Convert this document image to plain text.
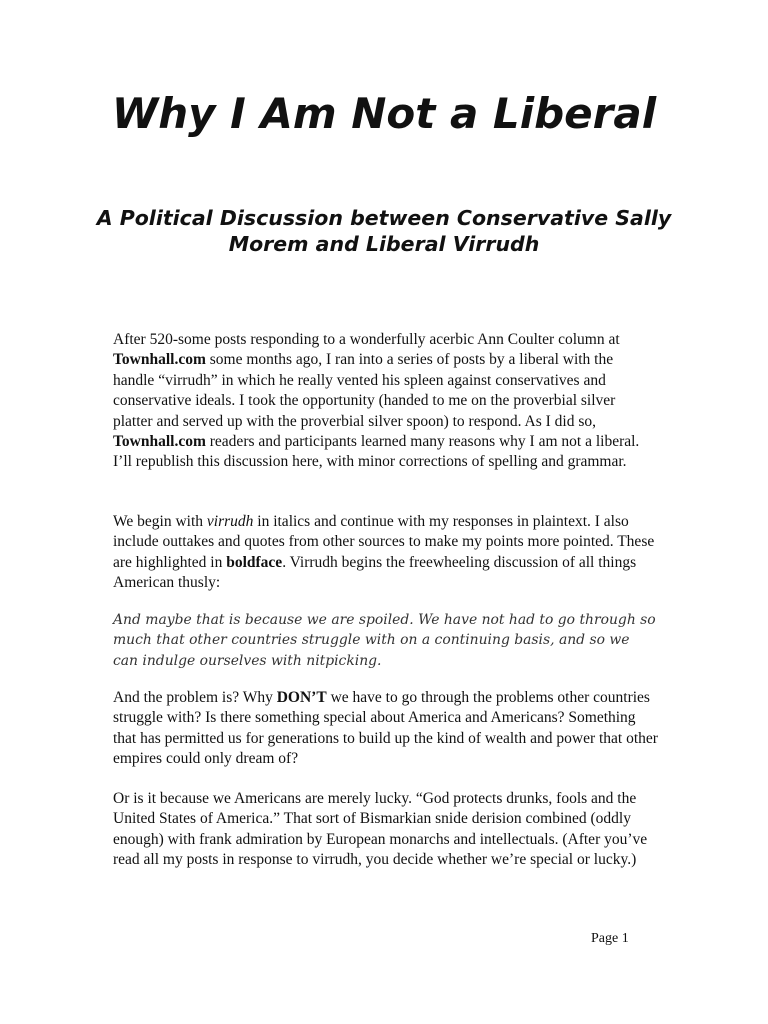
Why I Am Not a Liberal
A Political Discussion between Conservative Sally Morem and Liberal Virrudh

After 520-some posts responding to a wonderfully acerbic Ann Coulter column at Townhall.com some months ago, I ran into a series of posts by a liberal with the handle “virrudh” in which he really vented his spleen against conservatives and conservative ideals. I took the opportunity (handed to me on the proverbial silver platter and served up with the proverbial silver spoon) to respond. As I did so, Townhall.com readers and participants learned many reasons why I am not a liberal. I’ll republish this discussion here, with minor corrections of spelling and grammar.

We begin with virrudh in italics and continue with my responses in plaintext. I also include outtakes and quotes from other sources to make my points more pointed. These are highlighted in boldface. Virrudh begins the freewheeling discussion of all things American thusly:

And maybe that is because we are spoiled. We have not had to go through so much that other countries struggle with on a continuing basis, and so we can indulge ourselves with nitpicking.

And the problem is? Why DON’T we have to go through the problems other countries struggle with? Is there something special about America and Americans? Something that has permitted us for generations to build up the kind of wealth and power that other empires could only dream of?

Or is it because we Americans are merely lucky. “God protects drunks, fools and the United States of America.” That sort of Bismarkian snide derision combined (oddly enough) with frank admiration by European monarchs and intellectuals. (After you’ve read all my posts in response to virrudh, you decide whether we’re special or lucky.)

Page 1
